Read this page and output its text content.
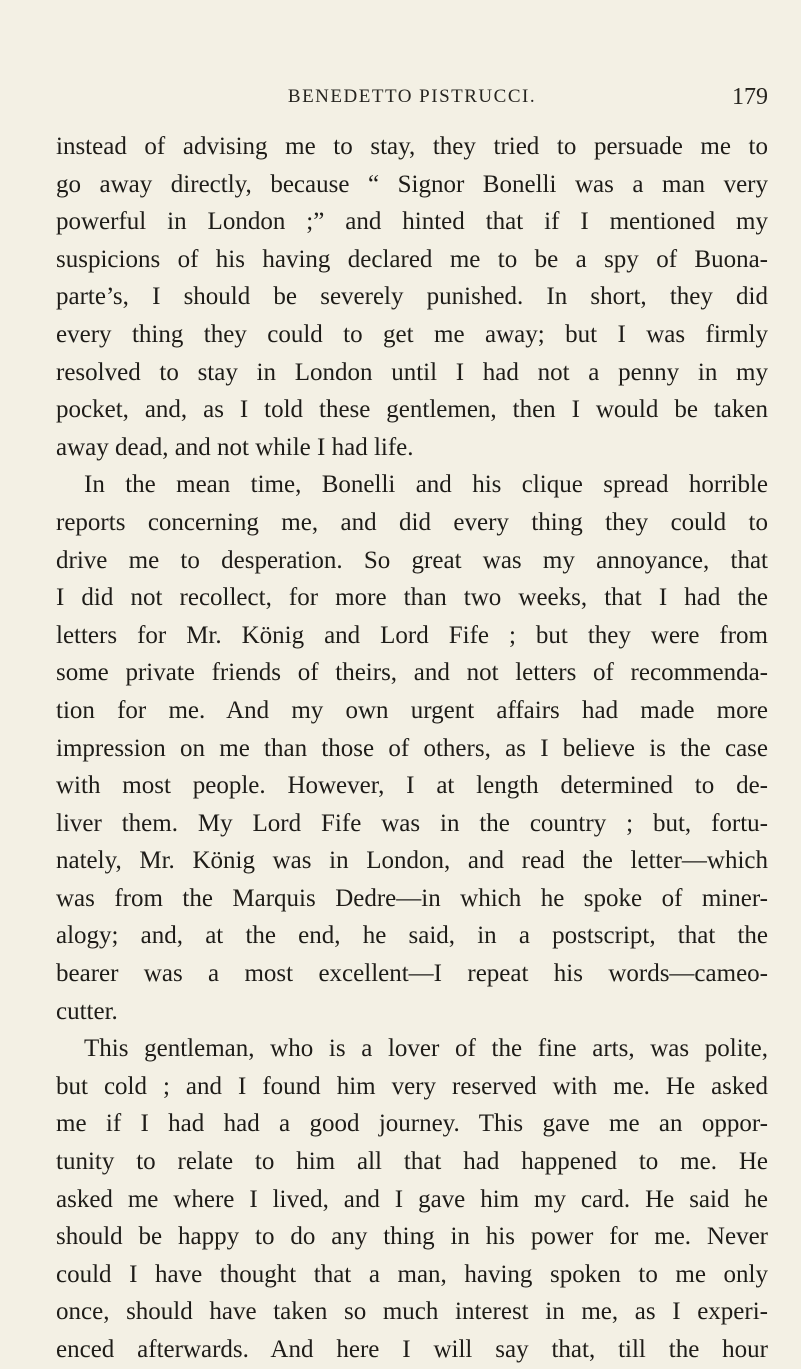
BENEDETTO PISTRUCCI.	179
instead of advising me to stay, they tried to persuade me to
go away directly, because “ Signor Bonelli was a man very
powerful in London ;” and hinted that if I mentioned my
suspicions of his having declared me to be a spy of Buona-
parte’s, I should be severely punished. In short, they did
every thing they could to get me away; but I was firmly
resolved to stay in London until I had not a penny in my
pocket, and, as I told these gentlemen, then I would be taken
away dead, and not while I had life.
In the mean time, Bonelli and his clique spread horrible
reports concerning me, and did every thing they could to
drive me to desperation. So great was my annoyance, that
I did not recollect, for more than two weeks, that I had the
letters for Mr. König and Lord Fife ; but they were from
some private friends of theirs, and not letters of recommenda-
tion for me. And my own urgent affairs had made more
impression on me than those of others, as I believe is the case
with most people. However, I at length determined to de-
liver them. My Lord Fife was in the country ; but, fortu-
nately, Mr. König was in London, and read the letter—which
was from the Marquis Dedre—in which he spoke of miner-
alogy; and, at the end, he said, in a postscript, that the
bearer was a most excellent—I repeat his words—cameo-
cutter.
This gentleman, who is a lover of the fine arts, was polite,
but cold ; and I found him very reserved with me. He asked
me if I had had a good journey. This gave me an oppor-
tunity to relate to him all that had happened to me. He
asked me where I lived, and I gave him my card. He said he
should be happy to do any thing in his power for me. Never
could I have thought that a man, having spoken to me only
once, should have taken so much interest in me, as I experi-
enced afterwards. And here I will say that, till the hour
